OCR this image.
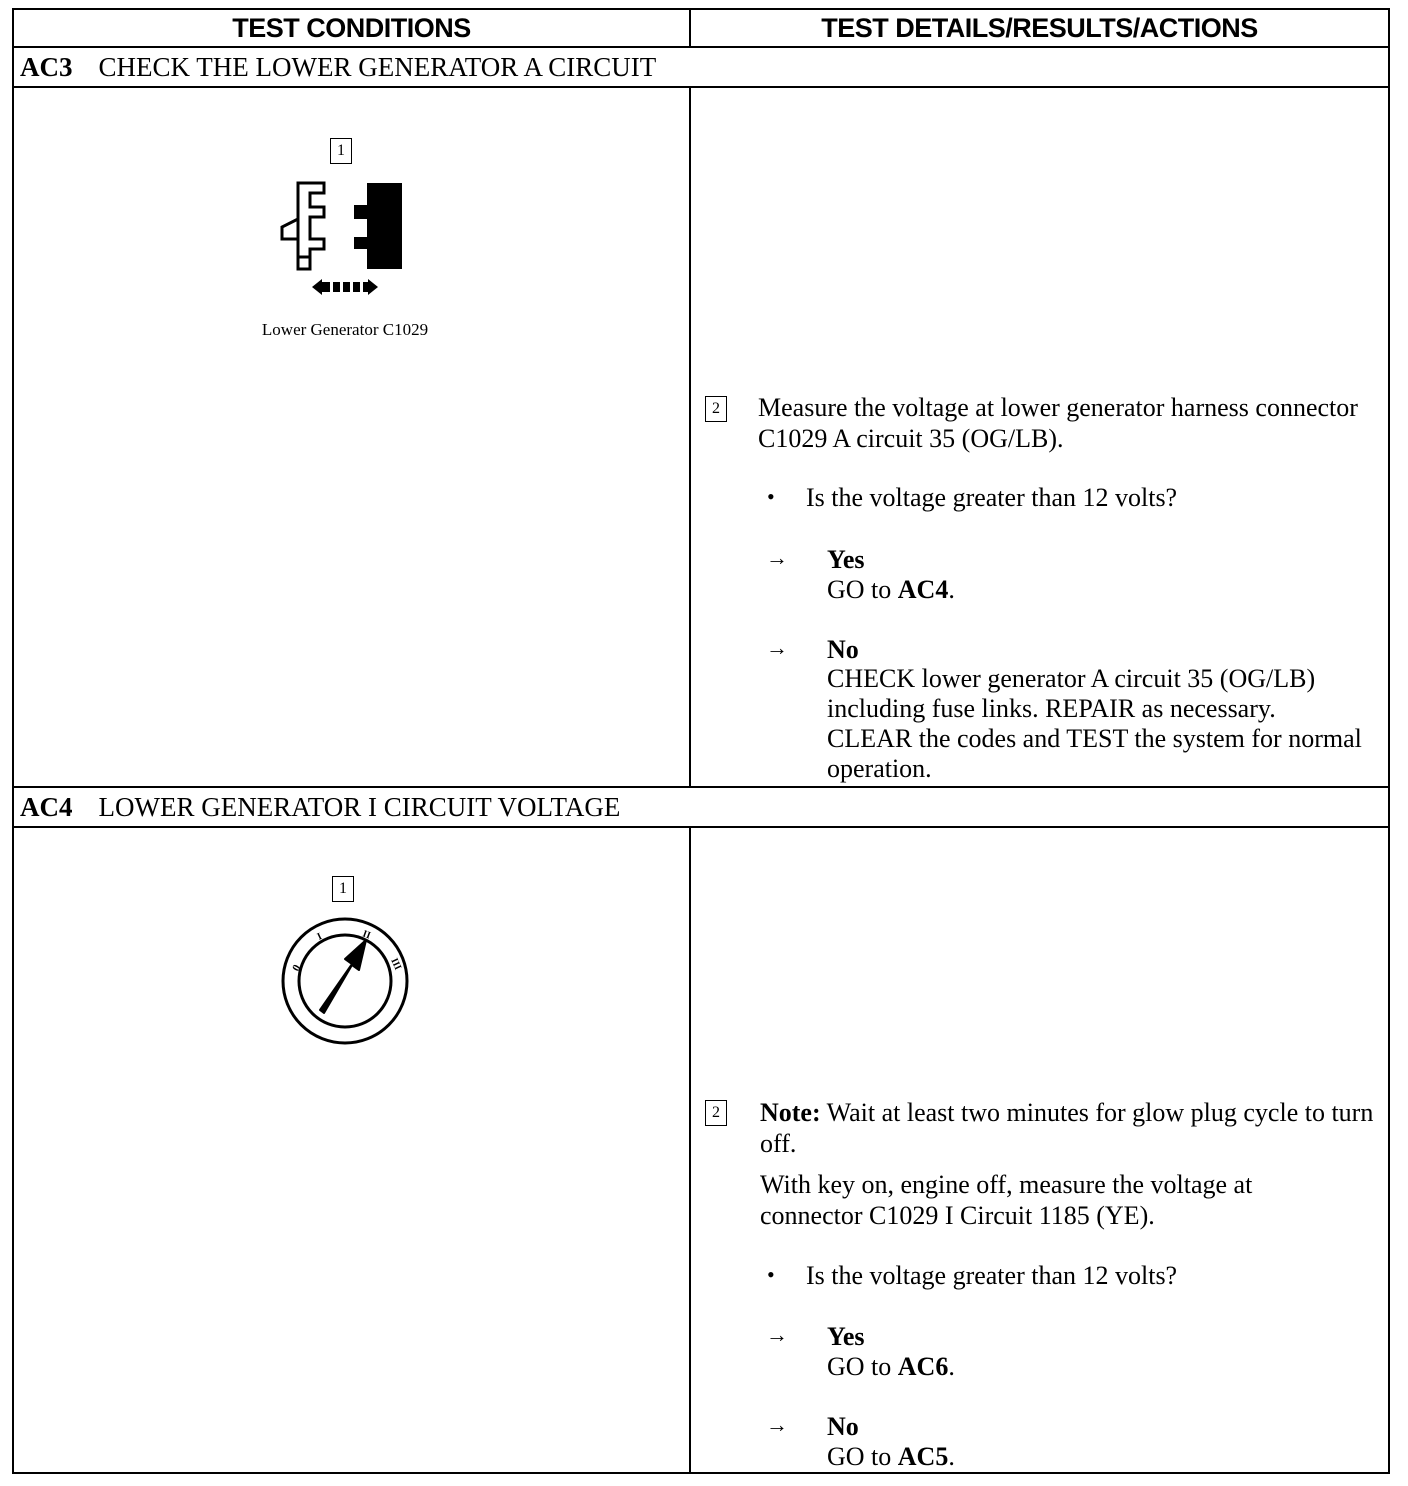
TEST CONDITIONS	TEST DETAILS/RESULTS/ACTIONS
AC3 CHECK THE LOWER GENERATOR A CIRCUIT
1
Lower Generator C1029
2 Measure the voltage at lower generator harness connector C1029 A circuit 35 (OG/LB).
• Is the voltage greater than 12 volts?
→ Yes
GO to AC4.
→ No
CHECK lower generator A circuit 35 (OG/LB) including fuse links. REPAIR as necessary. CLEAR the codes and TEST the system for normal operation.
AC4 LOWER GENERATOR I CIRCUIT VOLTAGE
1
0
I	II
III
2 Note: Wait at least two minutes for glow plug cycle to turn off.
With key on, engine off, measure the voltage at connector C1029 I Circuit 1185 (YE).
• Is the voltage greater than 12 volts?
→ Yes
GO to AC6.
→ No
GO to AC5.
